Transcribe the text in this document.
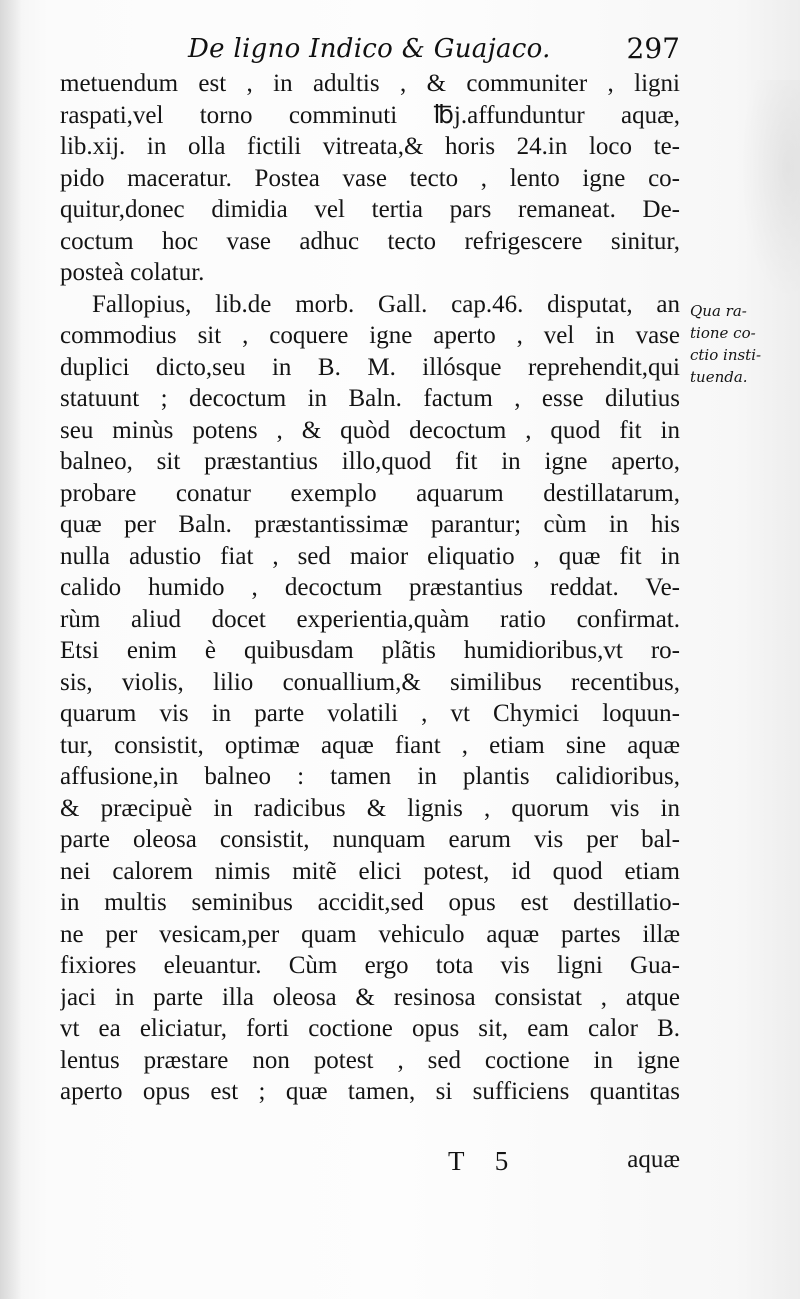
De ligno Indico & Guajaco.	297
metuendum est , in adultis , & communiter , ligni
raspati,vel torno comminuti ℔j.affunduntur aquæ,
lib.xij. in olla fictili vitreata,& horis 24.in loco te-
pido maceratur. Postea vase tecto , lento igne co-
quitur,donec dimidia vel tertia pars remaneat. De-
coctum hoc vase adhuc tecto refrigescere sinitur,
posteà colatur.
Fallopius, lib.de morb. Gall. cap.46. disputat, an
commodius sit , coquere igne aperto , vel in vase
duplici dicto,seu in B. M. illósque reprehendit,qui
statuunt ; decoctum in Baln. factum , esse dilutius
seu minùs potens , & quòd decoctum , quod fit in
balneo, sit præstantius illo,quod fit in igne aperto,
probare conatur exemplo aquarum destillatarum,
quæ per Baln. præstantissimæ parantur; cùm in his
nulla adustio fiat , sed maior eliquatio , quæ fit in
calido humido , decoctum præstantius reddat. Ve-
rùm aliud docet experientia,quàm ratio confirmat.
Etsi enim è quibusdam plãtis humidioribus,vt ro-
sis, violis, lilio conuallium,& similibus recentibus,
quarum vis in parte volatili , vt Chymici loquun-
tur, consistit, optimæ aquæ fiant , etiam sine aquæ
affusione,in balneo : tamen in plantis calidioribus,
& præcipuè in radicibus & lignis , quorum vis in
parte oleosa consistit, nunquam earum vis per bal-
nei calorem nimis mitẽ elici potest, id quod etiam
in multis seminibus accidit,sed opus est destillatio-
ne per vesicam,per quam vehiculo aquæ partes illæ
fixiores eleuantur. Cùm ergo tota vis ligni Gua-
jaci in parte illa oleosa & resinosa consistat , atque
vt ea eliciatur, forti coctione opus sit, eam calor B.
lentus præstare non potest , sed coctione in igne
aperto opus est ; quæ tamen, si sufficiens quantitas
Qua ra-
tione co-
ctio insti-
tuenda.
T 5	aquæ
